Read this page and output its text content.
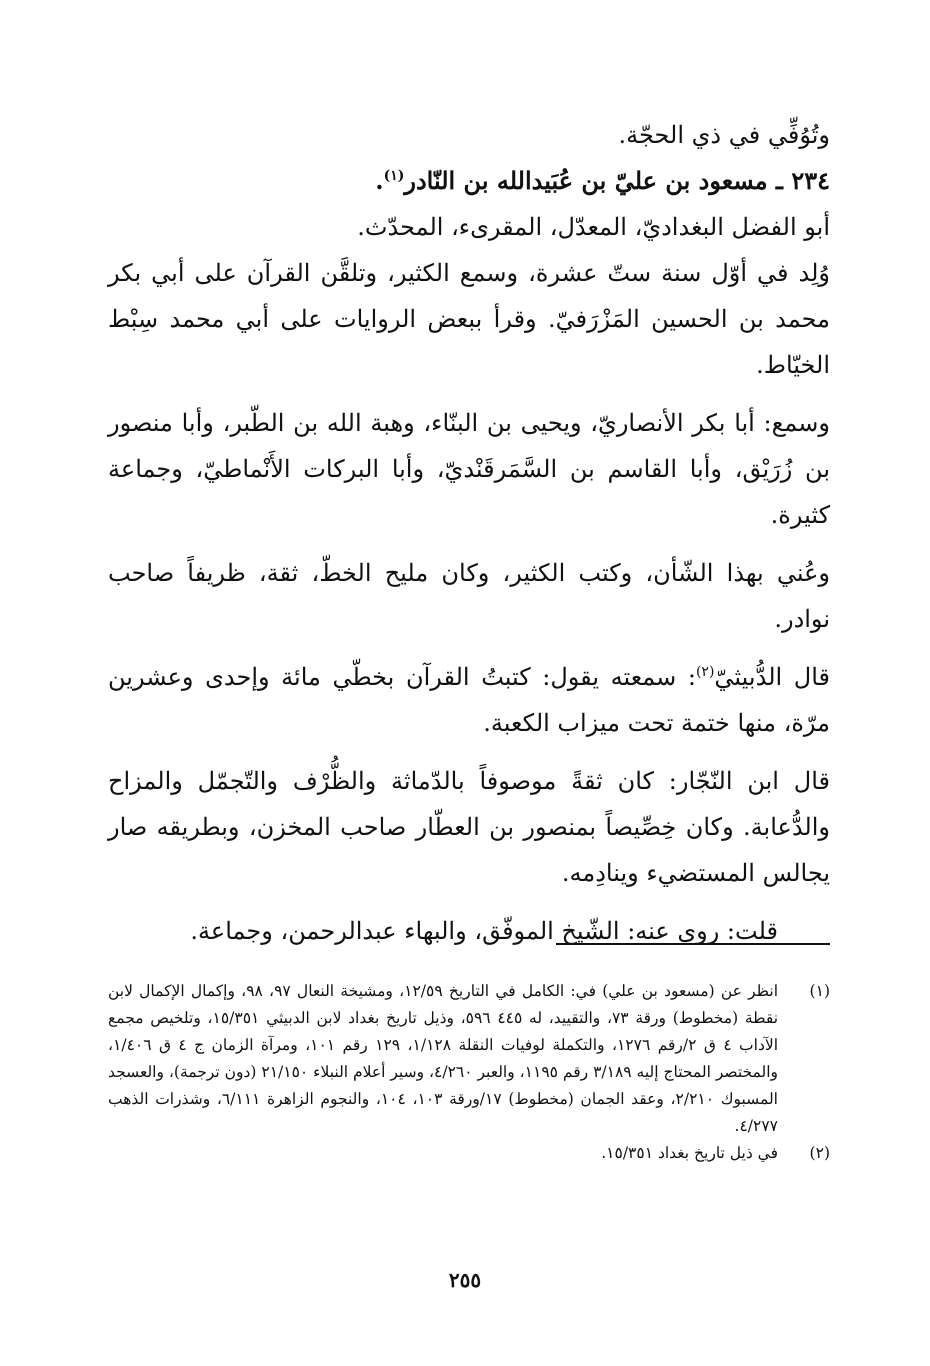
وتُوُفِّي في ذي الحجّة.

٢٣٤ ـ مسعود بن عليّ بن عُبَيدالله بن النّادر$^{(١)}$.

أبو الفضل البغداديّ، المعدّل، المقرىء، المحدّث.

وُلِد في أوّل سنة ستّ عشرة، وسمع الكثير، وتلقَّن القرآن على أبي بكر محمد بن الحسين المَزْرَفيّ. وقرأ ببعض الروايات على أبي محمد سِبْط الخيّاط.

وسمع: أبا بكر الأنصاريّ، ويحيى بن البنّاء، وهبة الله بن الطّبر، وأبا منصور بن زُرَيْق، وأبا القاسم بن السَّمَرقَنْديّ، وأبا البركات الأَنْماطيّ، وجماعة كثيرة.

وعُني بهذا الشّأن، وكتب الكثير، وكان مليح الخطّ، ثقة، ظريفاً صاحب نوادر.

قال الدُّبيثيّ$^{(٢)}$: سمعته يقول: كتبتُ القرآن بخطّي مائة وإحدى وعشرين مرّة، منها ختمة تحت ميزاب الكعبة.

قال ابن النّجّار: كان ثقةً موصوفاً بالدّماثة والظُّرْف والتّجمّل والمزاح والدُّعابة. وكان خِصِّيصاً بمنصور بن العطّار صاحب المخزن، وبطريقه صار يجالس المستضيء وينادِمه.

قلت: روى عنه: الشّيخ الموفّق، والبهاء عبدالرحمن، وجماعة.

(١)
انظر عن (مسعود بن علي) في: الكامل في التاريخ ١٢/٥٩، ومشيخة النعال ٩٧، ٩٨، وإكمال الإكمال لابن نقطة (مخطوط) ورقة ٧٣، والتقييد، له ٤٤٥ ٥٩٦، وذيل تاريخ بغداد لابن الدبيثي ١٥/٣٥١، وتلخيص مجمع الآداب ٤ ق ٢/رقم ١٢٧٦، والتكملة لوفيات النقلة ١/١٢٨، ١٢٩ رقم ١٠١، ومرآة الزمان ج ٤ ق ١/٤٠٦، والمختصر المحتاج إليه ٣/١٨٩ رقم ١١٩٥، والعبر ٤/٢٦٠، وسير أعلام النبلاء ٢١/١٥٠ (دون ترجمة)، والعسجد المسبوك ٢/٢١٠، وعقد الجمان (مخطوط) ١٧/ورقة ١٠٣، ١٠٤، والنجوم الزاهرة ٦/١١١، وشذرات الذهب ٤/٢٧٧.
(٢)
في ذيل تاريخ بغداد ١٥/٣٥١.
٢٥٥
